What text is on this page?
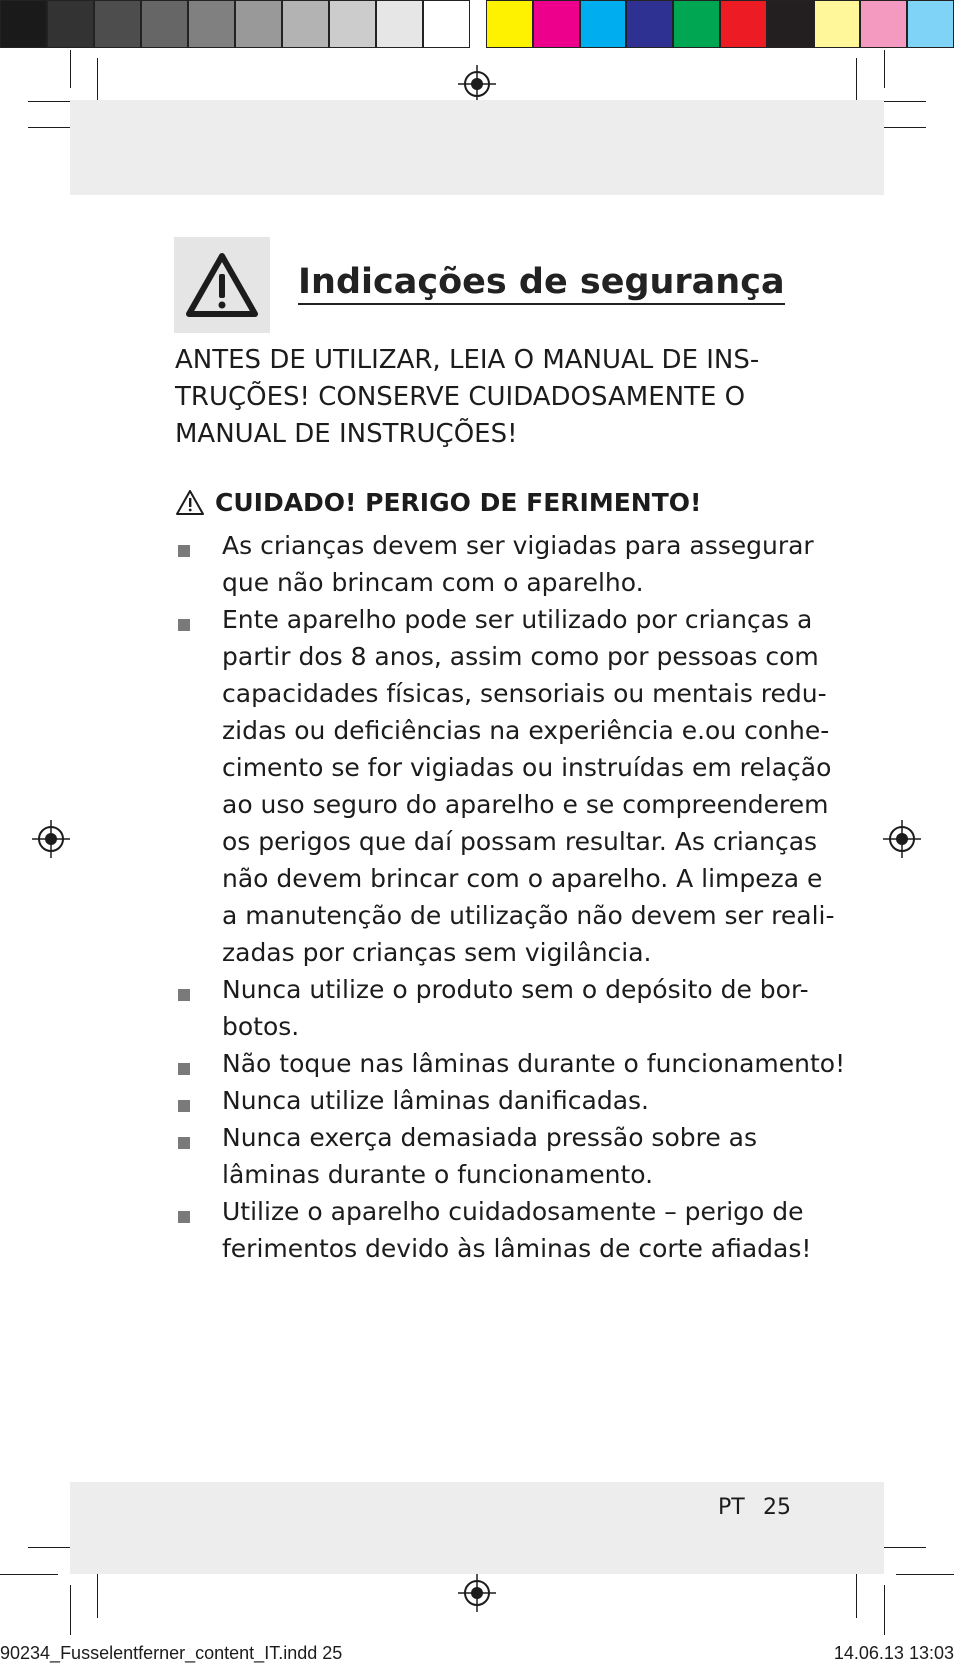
Indicações de segurança
ANTES DE UTILIZAR, LEIA O MANUAL DE INS-
TRUÇÕES! CONSERVE CUIDADOSAMENTE O
MANUAL DE INSTRUÇÕES!
CUIDADO! PERIGO DE FERIMENTO!
As crianças devem ser vigiadas para assegurar
que não brincam com o aparelho.
Ente aparelho pode ser utilizado por crianças a
partir dos 8 anos, assim como por pessoas com
capacidades físicas, sensoriais ou mentais redu-
zidas ou deficiências na experiência e.ou conhe-
cimento se for vigiadas ou instruídas em relação
ao uso seguro do aparelho e se compreenderem
os perigos que daí possam resultar. As crianças
não devem brincar com o aparelho. A limpeza e
a manutenção de utilização não devem ser reali-
zadas por crianças sem vigilância.
Nunca utilize o produto sem o depósito de bor-
botos.
Não toque nas lâminas durante o funcionamento!
Nunca utilize lâminas danificadas.
Nunca exerça demasiada pressão sobre as
lâminas durante o funcionamento.
Utilize o aparelho cuidadosamente – perigo de
ferimentos devido às lâminas de corte afiadas!
PT 25
90234_Fusselentferner_content_IT.indd 25	14.06.13 13:03
